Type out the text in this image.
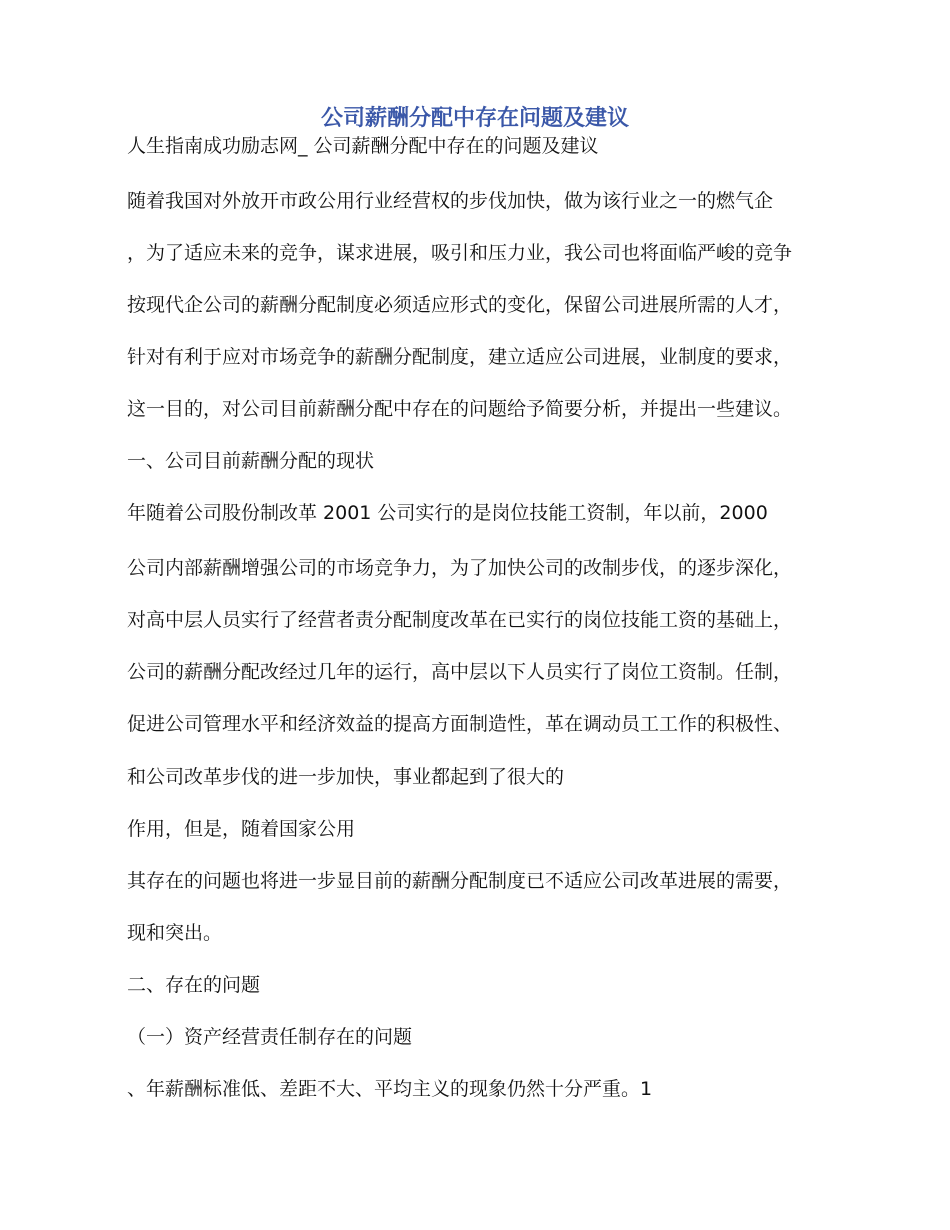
公司薪酬分配中存在问题及建议

人生指南成功励志网_ 公司薪酬分配中存在的问题及建议

随着我国对外放开市政公用行业经营权的步伐加快，做为该行业之一的燃气企

，为了适应未来的竞争，谋求进展，吸引和压力业，我公司也将面临严峻的竞争

按现代企公司的薪酬分配制度必须适应形式的变化，保留公司进展所需的人才，

针对有利于应对市场竞争的薪酬分配制度，建立适应公司进展，业制度的要求，

这一目的，对公司目前薪酬分配中存在的问题给予简要分析，并提出一些建议。

一、公司目前薪酬分配的现状

年随着公司股份制改革 2001 公司实行的是岗位技能工资制，年以前，2000

公司内部薪酬增强公司的市场竞争力，为了加快公司的改制步伐，的逐步深化，

对高中层人员实行了经营者责分配制度改革在已实行的岗位技能工资的基础上，

公司的薪酬分配改经过几年的运行，高中层以下人员实行了岗位工资制。任制，

促进公司管理水平和经济效益的提高方面制造性，革在调动员工工作的积极性、

和公司改革步伐的进一步加快，事业都起到了很大的

作用，但是，随着国家公用

其存在的问题也将进一步显目前的薪酬分配制度已不适应公司改革进展的需要，

现和突出。

二、存在的问题

（一）资产经营责任制存在的问题

、年薪酬标准低、差距不大、平均主义的现象仍然十分严重。1
